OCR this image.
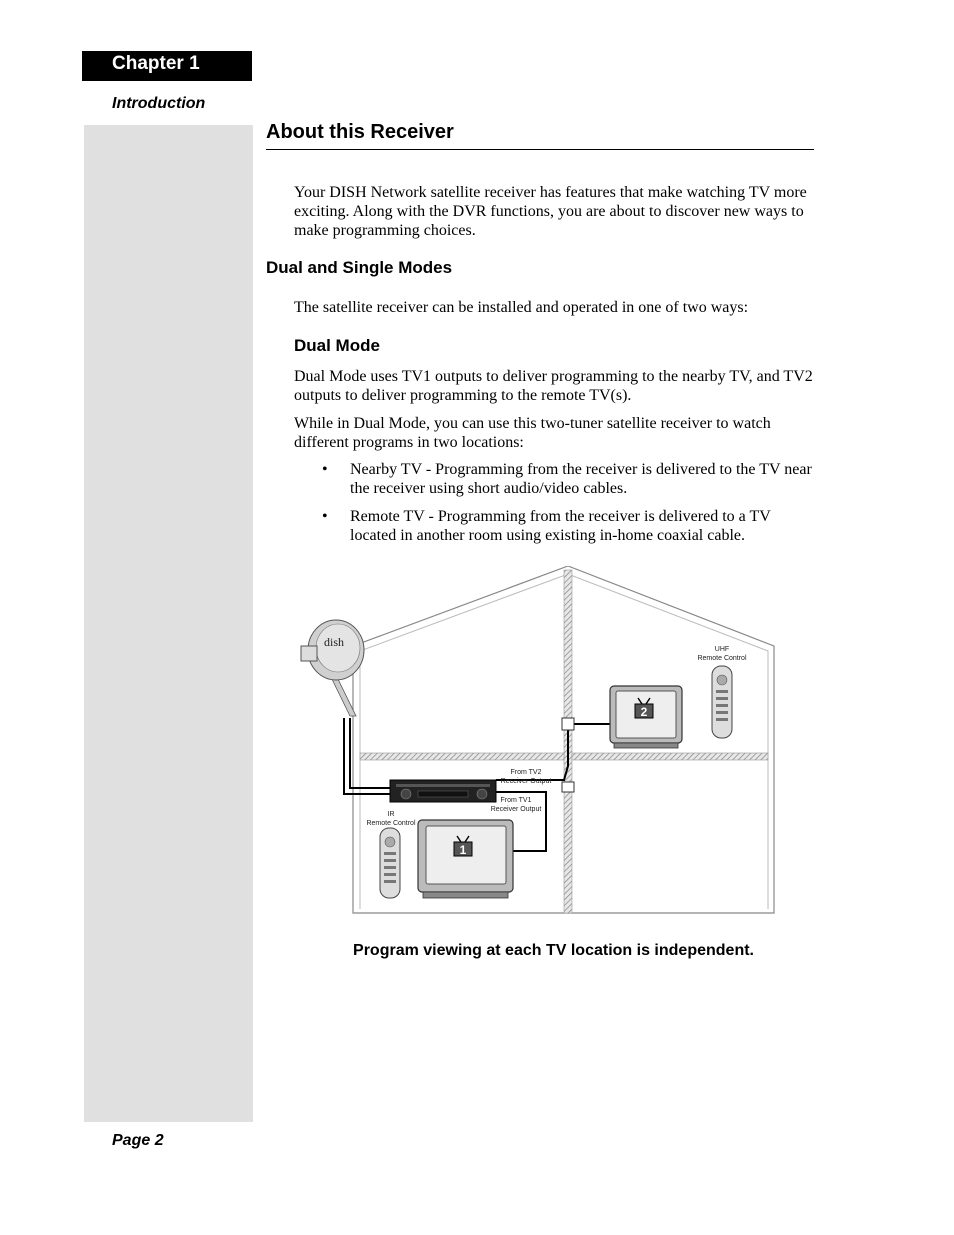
Chapter 1
Introduction
About this Receiver

Your DISH Network satellite receiver has features that make watching TV more exciting. Along with the DVR functions, you are about to discover new ways to make programming choices.

Dual and Single Modes

The satellite receiver can be installed and operated in one of two ways:

Dual Mode

Dual Mode uses TV1 outputs to deliver programming to the nearby TV, and TV2 outputs to deliver programming to the remote TV(s).

While in Dual Mode, you can use this two-tuner satellite receiver to watch different programs in two locations:

• Nearby TV - Programming from the receiver is delivered to the TV near the receiver using short audio/video cables.
• Remote TV - Programming from the receiver is delivered to a TV located in another room using existing in-home coaxial cable.
dish
1
2
UHF
Remote Control
IR
Remote Control
From TV2
Receiver Output
From TV1
Receiver Output
Program viewing at each TV location is independent.
Page 2
